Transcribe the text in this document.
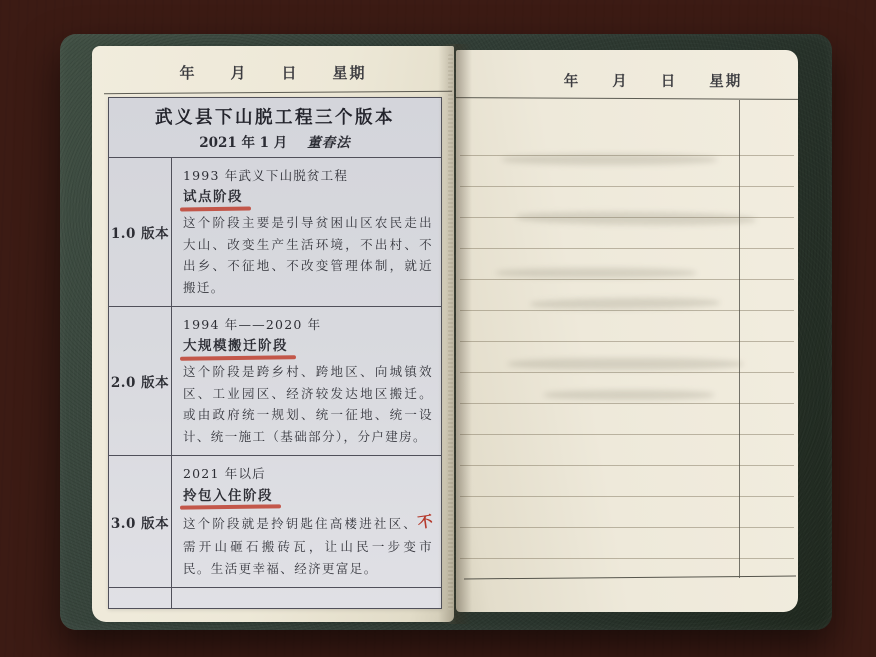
年 月 日 星期
武义县下山脱工程三个版本
2021 年 1 月 董春法
1.0 版本
1993 年武义下山脱贫工程
试点阶段
这个阶段主要是引导贫困山区农民走出大山、改变生产生活环境，不出村、不出乡、不征地、不改变管理体制，就近搬迁。
2.0 版本
1994 年——2020 年
大规模搬迁阶段
这个阶段是跨乡村、跨地区、向城镇效区、工业园区、经济较发达地区搬迁。或由政府统一规划、统一征地、统一设计、统一施工（基础部分），分户建房。
3.0 版本
2021 年以后
拎包入住阶段
这个阶段就是拎钥匙住高楼进社区、不需开山砸石搬砖瓦，让山民一步变市民。生活更幸福、经济更富足。
年 月 日 星期
